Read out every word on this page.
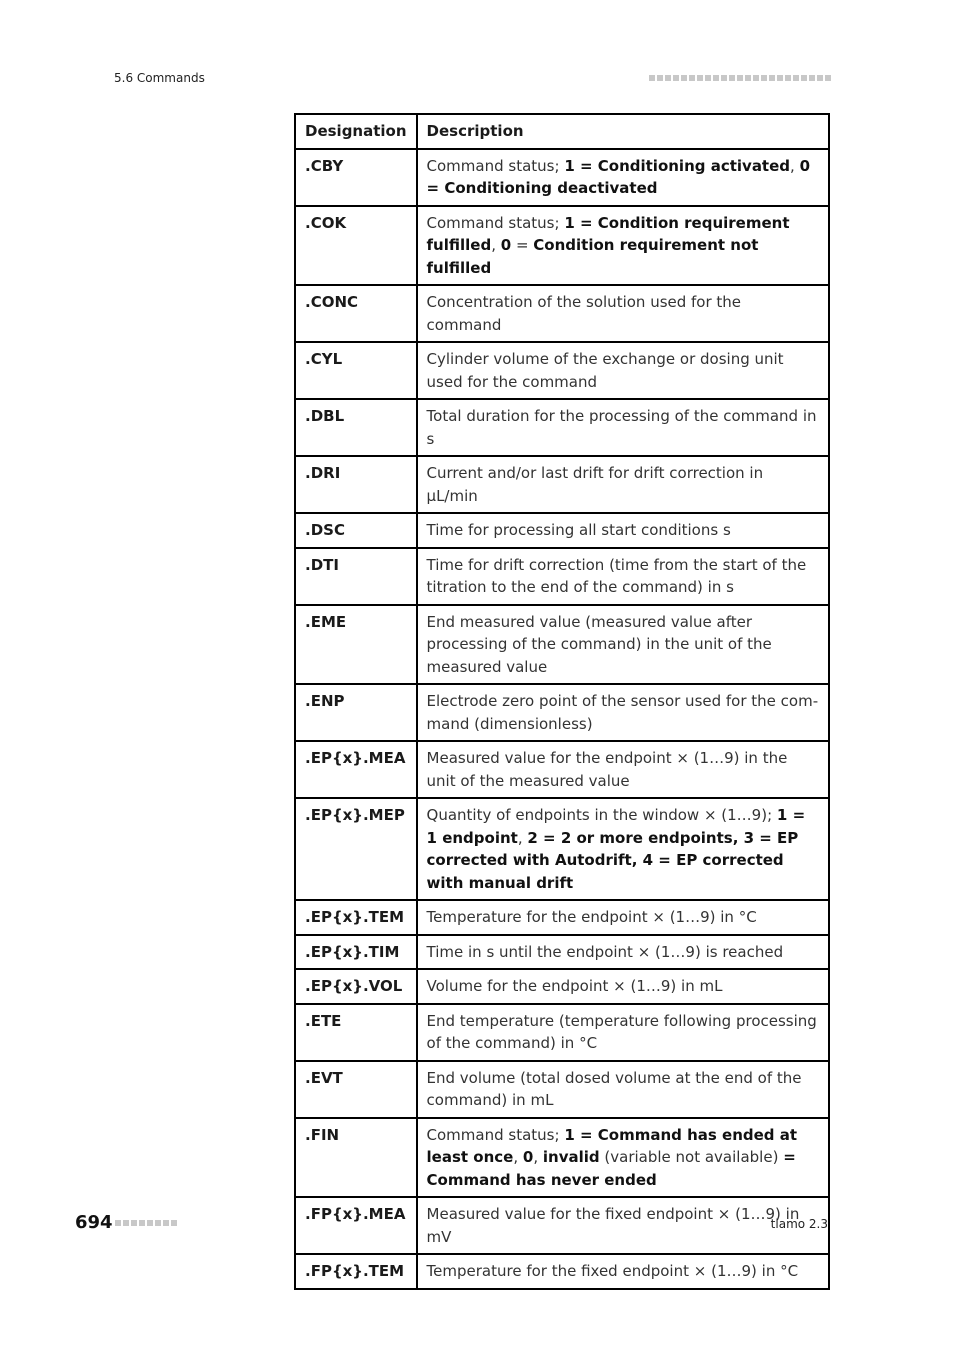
5.6 Commands
Designation	Description
.CBY	Command status; 1 = Conditioning activated, 0 = Conditioning deactivated
.COK	Command status; 1 = Condition requirement fulfilled, 0 = Condition requirement not fulfilled
.CONC	Concentration of the solution used for the command
.CYL	Cylinder volume of the exchange or dosing unit used for the command
.DBL	Total duration for the processing of the command in s
.DRI	Current and/or last drift for drift correction in µL/min
.DSC	Time for processing all start conditions s
.DTI	Time for drift correction (time from the start of the titration to the end of the command) in s
.EME	End measured value (measured value after processing of the command) in the unit of the measured value
.ENP	Electrode zero point of the sensor used for the command (dimensionless)
.EP{x}.MEA	Measured value for the endpoint × (1…9) in the unit of the measured value
.EP{x}.MEP	Quantity of endpoints in the window × (1…9); 1 = 1 endpoint, 2 = 2 or more endpoints, 3 = EP corrected with Autodrift, 4 = EP corrected with manual drift
.EP{x}.TEM	Temperature for the endpoint × (1…9) in °C
.EP{x}.TIM	Time in s until the endpoint × (1…9) is reached
.EP{x}.VOL	Volume for the endpoint × (1…9) in mL
.ETE	End temperature (temperature following processing of the command) in °C
.EVT	End volume (total dosed volume at the end of the command) in mL
.FIN	Command status; 1 = Command has ended at least once, 0, invalid (variable not available) = Command has never ended
.FP{x}.MEA	Measured value for the fixed endpoint × (1…9) in mV
.FP{x}.TEM	Temperature for the fixed endpoint × (1…9) in °C
694	tiamo 2.3
